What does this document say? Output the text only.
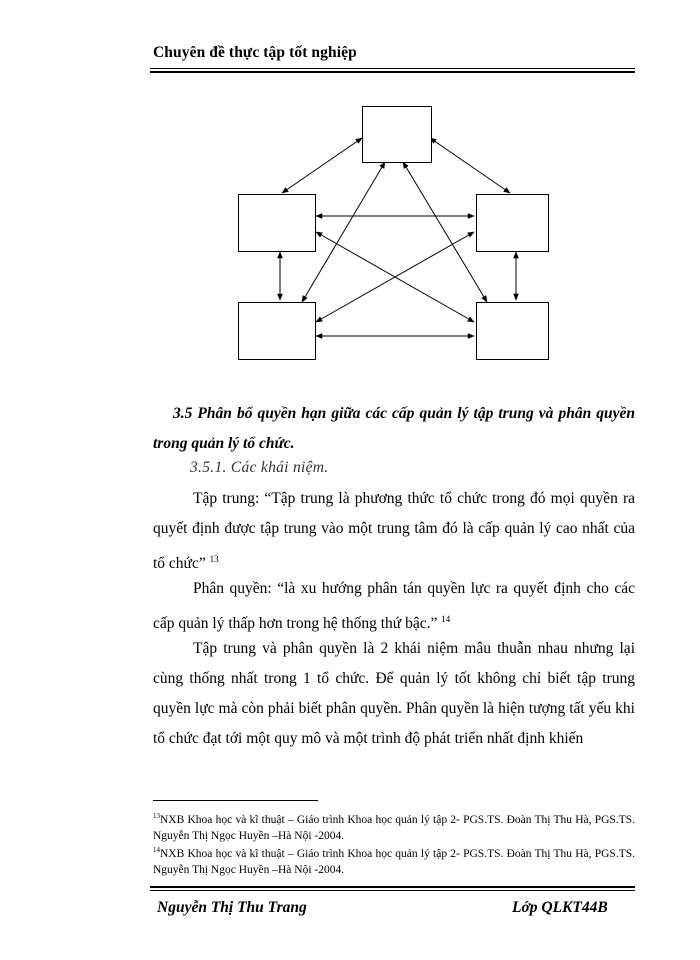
Chuyên đề thực tập tốt nghiệp
3.5 Phân bổ quyền hạn giữa các cấp quản lý tập trung và phân quyền trong quản lý tổ chức.
3.5.1. Các khái niệm.
Tập trung: “Tập trung là phương thức tổ chức trong đó mọi quyền ra quyết định được tập trung vào một trung tâm đó là cấp quản lý cao nhất của tổ chức” $^{13}$
Phân quyền: “là xu hướng phân tán quyền lực ra quyết định cho các cấp quản lý thấp hơn trong hệ thống thứ bậc.” $^{14}$
Tập trung và phân quyền là 2 khái niệm mâu thuẫn nhau nhưng lại cùng thống nhất trong 1 tổ chức. Để quản lý tốt không chỉ biết tập trung quyền lực mà còn phải biết phân quyền. Phân quyền là hiện tượng tất yếu khi tổ chức đạt tới một quy mô và một trình độ phát triển nhất định khiến
$^{13}$NXB Khoa học và kĩ thuật – Giáo trình Khoa học quản lý tập 2- PGS.TS. Đoàn Thị Thu Hà, PGS.TS. Nguyễn Thị Ngọc Huyền –Hà Nội -2004.
$^{14}$NXB Khoa học và kĩ thuật – Giáo trình Khoa học quản lý tập 2- PGS.TS. Đoàn Thị Thu Hà, PGS.TS. Nguyễn Thị Ngọc Huyền –Hà Nội -2004.
Nguyễn Thị Thu Trang	Lớp QLKT44B
